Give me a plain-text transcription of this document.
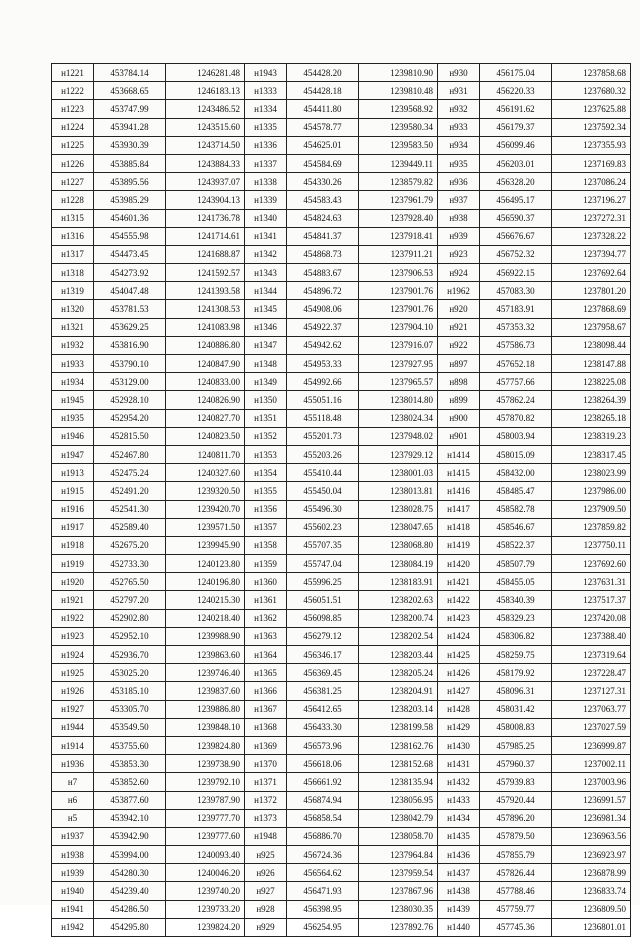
н1221	453784.14	1246281.48	н1943	454428.20	1239810.90	н930	456175.04	1237858.68
н1222	453668.65	1246183.13	н1333	454428.18	1239810.48	н931	456220.33	1237680.32
н1223	453747.99	1243486.52	н1334	454411.80	1239568.92	н932	456191.62	1237625.88
н1224	453941.28	1243515.60	н1335	454578.77	1239580.34	н933	456179.37	1237592.34
н1225	453930.39	1243714.50	н1336	454625.01	1239583.50	н934	456099.46	1237355.93
н1226	453885.84	1243884.33	н1337	454584.69	1239449.11	н935	456203.01	1237169.83
н1227	453895.56	1243937.07	н1338	454330.26	1238579.82	н936	456328.20	1237086.24
н1228	453985.29	1243904.13	н1339	454583.43	1237961.79	н937	456495.17	1237196.27
н1315	454601.36	1241736.78	н1340	454824.63	1237928.40	н938	456590.37	1237272.31
н1316	454555.98	1241714.61	н1341	454841.37	1237918.41	н939	456676.67	1237328.22
н1317	454473.45	1241688.87	н1342	454868.73	1237911.21	н923	456752.32	1237394.77
н1318	454273.92	1241592.57	н1343	454883.67	1237906.53	н924	456922.15	1237692.64
н1319	454047.48	1241393.58	н1344	454896.72	1237901.76	н1962	457083.30	1237801.20
н1320	453781.53	1241308.53	н1345	454908.06	1237901.76	н920	457183.91	1237868.69
н1321	453629.25	1241083.98	н1346	454922.37	1237904.10	н921	457353.32	1237958.67
н1932	453816.90	1240886.80	н1347	454942.62	1237916.07	н922	457586.73	1238098.44
н1933	453790.10	1240847.90	н1348	454953.33	1237927.95	н897	457652.18	1238147.88
н1934	453129.00	1240833.00	н1349	454992.66	1237965.57	н898	457757.66	1238225.08
н1945	452928.10	1240826.90	н1350	455051.16	1238014.80	н899	457862.24	1238264.39
н1935	452954.20	1240827.70	н1351	455118.48	1238024.34	н900	457870.82	1238265.18
н1946	452815.50	1240823.50	н1352	455201.73	1237948.02	н901	458003.94	1238319.23
н1947	452467.80	1240811.70	н1353	455203.26	1237929.12	н1414	458015.09	1238317.45
н1913	452475.24	1240327.60	н1354	455410.44	1238001.03	н1415	458432.00	1238023.99
н1915	452491.20	1239320.50	н1355	455450.04	1238013.81	н1416	458485.47	1237986.00
н1916	452541.30	1239420.70	н1356	455496.30	1238028.75	н1417	458582.78	1237909.50
н1917	452589.40	1239571.50	н1357	455602.23	1238047.65	н1418	458546.67	1237859.82
н1918	452675.20	1239945.90	н1358	455707.35	1238068.80	н1419	458522.37	1237750.11
н1919	452733.30	1240123.80	н1359	455747.04	1238084.19	н1420	458507.79	1237692.60
н1920	452765.50	1240196.80	н1360	455996.25	1238183.91	н1421	458455.05	1237631.31
н1921	452797.20	1240215.30	н1361	456051.51	1238202.63	н1422	458340.39	1237517.37
н1922	452902.80	1240218.40	н1362	456098.85	1238200.74	н1423	458329.23	1237420.08
н1923	452952.10	1239988.90	н1363	456279.12	1238202.54	н1424	458306.82	1237388.40
н1924	452936.70	1239863.60	н1364	456346.17	1238203.44	н1425	458259.75	1237319.64
н1925	453025.20	1239746.40	н1365	456369.45	1238205.24	н1426	458179.92	1237228.47
н1926	453185.10	1239837.60	н1366	456381.25	1238204.91	н1427	458096.31	1237127.31
н1927	453305.70	1239886.80	н1367	456412.65	1238203.14	н1428	458031.42	1237063.77
н1944	453549.50	1239848.10	н1368	456433.30	1238199.58	н1429	458008.83	1237027.59
н1914	453755.60	1239824.80	н1369	456573.96	1238162.76	н1430	457985.25	1236999.87
н1936	453853.30	1239738.90	н1370	456618.06	1238152.68	н1431	457960.37	1237002.11
н7	453852.60	1239792.10	н1371	456661.92	1238135.94	н1432	457939.83	1237003.96
н6	453877.60	1239787.90	н1372	456874.94	1238056.95	н1433	457920.44	1236991.57
н5	453942.10	1239777.70	н1373	456858.54	1238042.79	н1434	457896.20	1236981.34
н1937	453942.90	1239777.60	н1948	456886.70	1238058.70	н1435	457879.50	1236963.56
н1938	453994.00	1240093.40	н925	456724.36	1237964.84	н1436	457855.79	1236923.97
н1939	454280.30	1240046.20	н926	456564.62	1237959.54	н1437	457826.44	1236878.99
н1940	454239.40	1239740.20	н927	456471.93	1237867.96	н1438	457788.46	1236833.74
н1941	454286.50	1239733.20	н928	456398.95	1238030.35	н1439	457759.77	1236809.50
н1942	454295.80	1239824.20	н929	456254.95	1237892.76	н1440	457745.36	1236801.01
